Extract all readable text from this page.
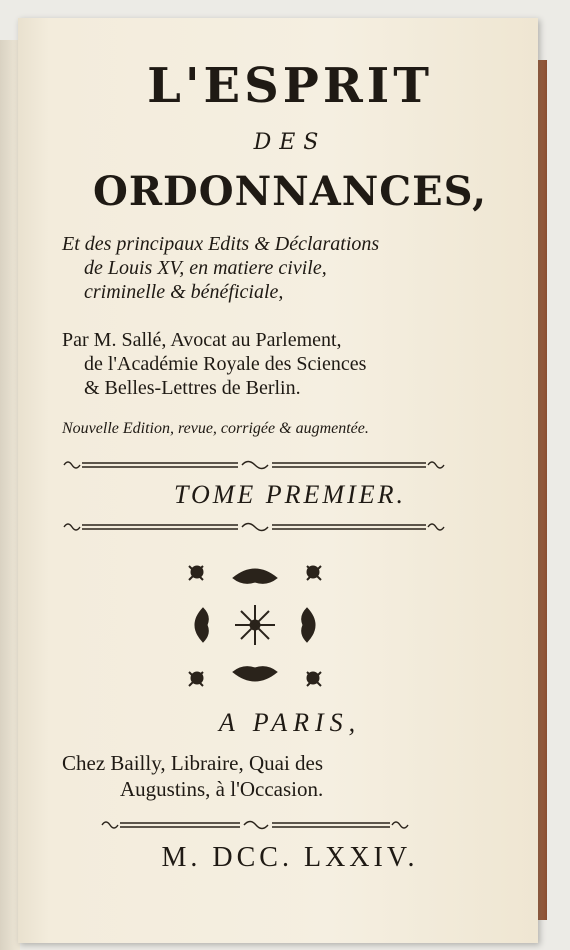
L'ESPRIT
DES
ORDONNANCES,
Et des principaux Edits & Déclarations
de Louis XV, en matiere civile,
criminelle & bénéficiale,
Par M. Sallé, Avocat au Parlement,
de l'Académie Royale des Sciences
& Belles-Lettres de Berlin.
Nouvelle Edition, revue, corrigée & augmentée.
TOME PREMIER.
A PARIS,
Chez Bailly, Libraire, Quai des
Augustins, à l'Occasion.
M. DCC. LXXIV.
